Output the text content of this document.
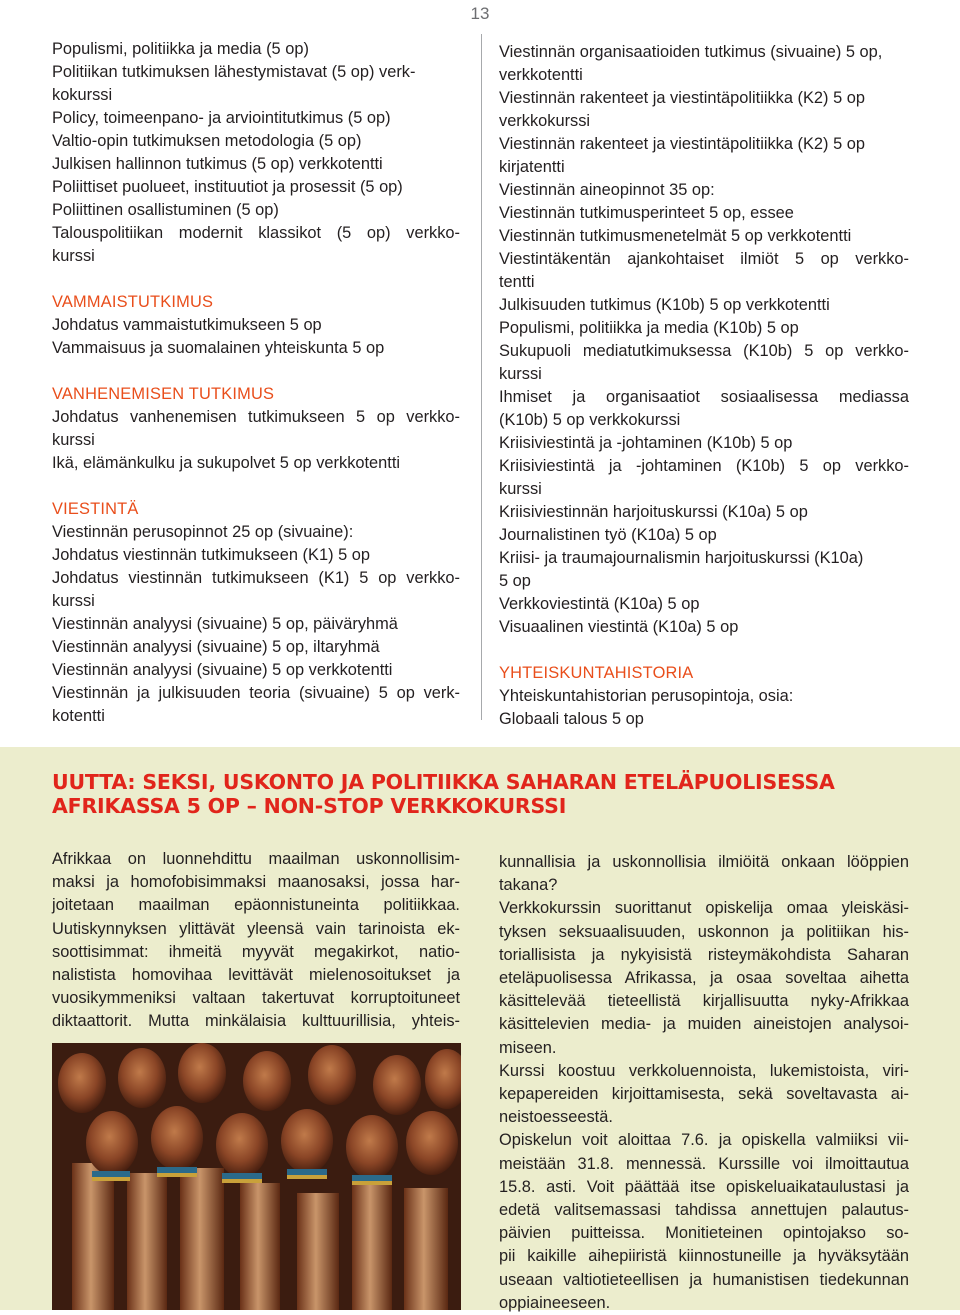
13
Populismi, politiikka ja media (5 op)
Politiikan tutkimuksen lähestymistavat (5 op) verk-
kokurssi
Policy, toimeenpano- ja arviointitutkimus (5 op)
Valtio-opin tutkimuksen metodologia (5 op)
Julkisen hallinnon tutkimus (5 op) verkkotentti
Poliittiset puolueet, instituutiot ja prosessit (5 op)
Poliittinen osallistuminen (5 op)
Talouspolitiikan modernit klassikot (5 op) verkko-
kurssi
VAMMAISTUTKIMUS
Johdatus vammaistutkimukseen 5 op
Vammaisuus ja suomalainen yhteiskunta 5 op
VANHENEMISEN TUTKIMUS
Johdatus vanhenemisen tutkimukseen 5 op verkko-
kurssi
Ikä, elämänkulku ja sukupolvet 5 op verkkotentti
VIESTINTÄ
Viestinnän perusopinnot 25 op (sivuaine):
Johdatus viestinnän tutkimukseen (K1) 5 op
Johdatus viestinnän tutkimukseen (K1) 5 op verkko-
kurssi
Viestinnän analyysi (sivuaine) 5 op, päiväryhmä
Viestinnän analyysi (sivuaine) 5 op, iltaryhmä
Viestinnän analyysi (sivuaine) 5 op verkkotentti
Viestinnän ja julkisuuden teoria (sivuaine) 5 op verk-
kotentti
Viestinnän organisaatioiden tutkimus (sivuaine) 5 op,
verkkotentti
Viestinnän rakenteet ja viestintäpolitiikka (K2) 5 op
verkkokurssi
Viestinnän rakenteet ja viestintäpolitiikka (K2) 5 op
kirjatentti
Viestinnän aineopinnot 35 op:
Viestinnän tutkimusperinteet 5 op, essee
Viestinnän tutkimusmenetelmät 5 op verkkotentti
Viestintäkentän ajankohtaiset ilmiöt 5 op verkko-
tentti
Julkisuuden tutkimus (K10b) 5 op verkkotentti
Populismi, politiikka ja media (K10b) 5 op
Sukupuoli mediatutkimuksessa (K10b) 5 op verkko-
kurssi
Ihmiset ja organisaatiot sosiaalisessa mediassa
(K10b) 5 op verkkokurssi
Kriisiviestintä ja -johtaminen (K10b) 5 op
Kriisiviestintä ja -johtaminen (K10b) 5 op verkko-
kurssi
Kriisiviestinnän harjoituskurssi (K10a) 5 op
Journalistinen työ (K10a) 5 op
Kriisi- ja traumajournalismin harjoituskurssi (K10a)
5 op
Verkkoviestintä (K10a) 5 op
Visuaalinen viestintä (K10a) 5 op
YHTEISKUNTAHISTORIA
Yhteiskuntahistorian perusopintoja, osia:
Globaali talous 5 op
UUTTA: SEKSI, USKONTO JA POLITIIKKA SAHARAN ETELÄPUOLISESSA
AFRIKASSA 5 OP – NON-STOP VERKKOKURSSI
Afrikkaa on luonnehdittu maailman uskonnollisim-
maksi ja homofobisimmaksi maanosaksi, jossa har-
joitetaan maailman epäonnistuneinta politiikkaa.
Uutiskynnyksen ylittävät yleensä vain tarinoista ek-
soottisimmat: ihmeitä myyvät megakirkot, natio-
nalistista homovihaa levittävät mielenosoitukset ja
vuosikymmeniksi valtaan takertuvat korruptoituneet
diktaattorit. Mutta minkälaisia kulttuurillisia, yhteis-
kunnallisia ja uskonnollisia ilmiöitä onkaan lööppien
takana?
Verkkokurssin suorittanut opiskelija omaa yleiskäsi-
tyksen seksuaalisuuden, uskonnon ja politiikan his-
toriallisista ja nykyisistä risteymäkohdista Saharan
eteläpuolisessa Afrikassa, ja osaa soveltaa aihetta
käsittelevää tieteellistä kirjallisuutta nyky-Afrikkaa
käsittelevien media- ja muiden aineistojen analysoi-
miseen.
Kurssi koostuu verkkoluennoista, lukemistoista, viri-
kepapereiden kirjoittamisesta, sekä soveltavasta ai-
neistoesseestä.
Opiskelun voit aloittaa 7.6. ja opiskella valmiiksi vii-
meistään 31.8. mennessä. Kurssille voi ilmoittautua
15.8. asti. Voit päättää itse opiskeluaikataulustasi ja
edetä valitsemassasi tahdissa annettujen palautus-
päivien puitteissa. Monitieteinen opintojakso so-
pii kaikille aihepiiristä kiinnostuneille ja hyväksytään
useaan valtiotieteellisen ja humanistisen tiedekunnan
oppiaineeseen.
